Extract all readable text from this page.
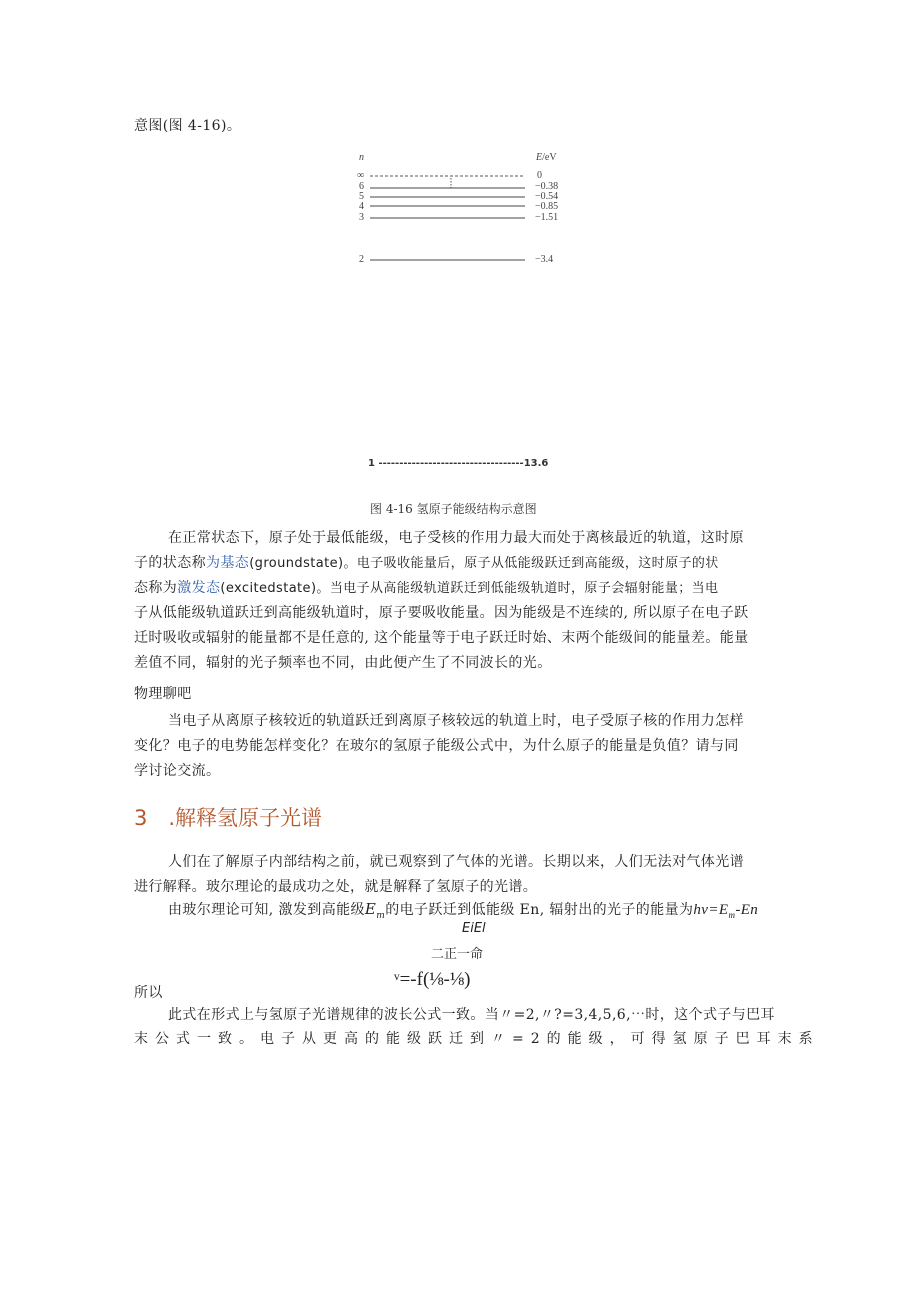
意图(图 4-16)。
n	E/eV
∞
6
5
4
3
2
0
−0.38
−0.54
−0.85
−1.51
−3.4
1 -----------------------------------13.6
图 4-16 氢原子能级结构示意图
在正常状态下，原子处于最低能级，电子受核的作用力最大而处于离核最近的轨道，这时原
子的状态称为基态(groundstate)。电子吸收能量后，原子从低能级跃迁到高能级，这时原子的状
态称为激发态(excitedstate)。当电子从高能级轨道跃迁到低能级轨道时，原子会辐射能量；当电
子从低能级轨道跃迁到高能级轨道时，原子要吸收能量。因为能级是不连续的, 所以原子在电子跃
迁时吸收或辐射的能量都不是任意的, 这个能量等于电子跃迁时始、末两个能级间的能量差。能量
差值不同，辐射的光子频率也不同，由此便产生了不同波长的光。
物理聊吧
当电子从离原子核较近的轨道跃迁到离原子核较远的轨道上时，电子受原子核的作用力怎样
变化？电子的电势能怎样变化？在玻尔的氢原子能级公式中，为什么原子的能量是负值？请与同
学讨论交流。
3　.解释氢原子光谱
人们在了解原子内部结构之前，就已观察到了气体的光谱。长期以来，人们无法对气体光谱
进行解释。玻尔理论的最成功之处，就是解释了氢原子的光谱。
由玻尔理论可知, 激发到高能级$E_m$的电子跃迁到低能级 En, 辐射出的光子的能量为$hv=E_m-En$
EiEl
二正一命
所以
ᵛ=-f(⅛-⅛)
此式在形式上与氢原子光谱规律的波长公式一致。当〃=2,〃?=3,4,5,6,⋯时，这个式子与巴耳
末公式一致。电子从更高的能级跃迁到〃=2的能级，可得氢原子巴耳末系
